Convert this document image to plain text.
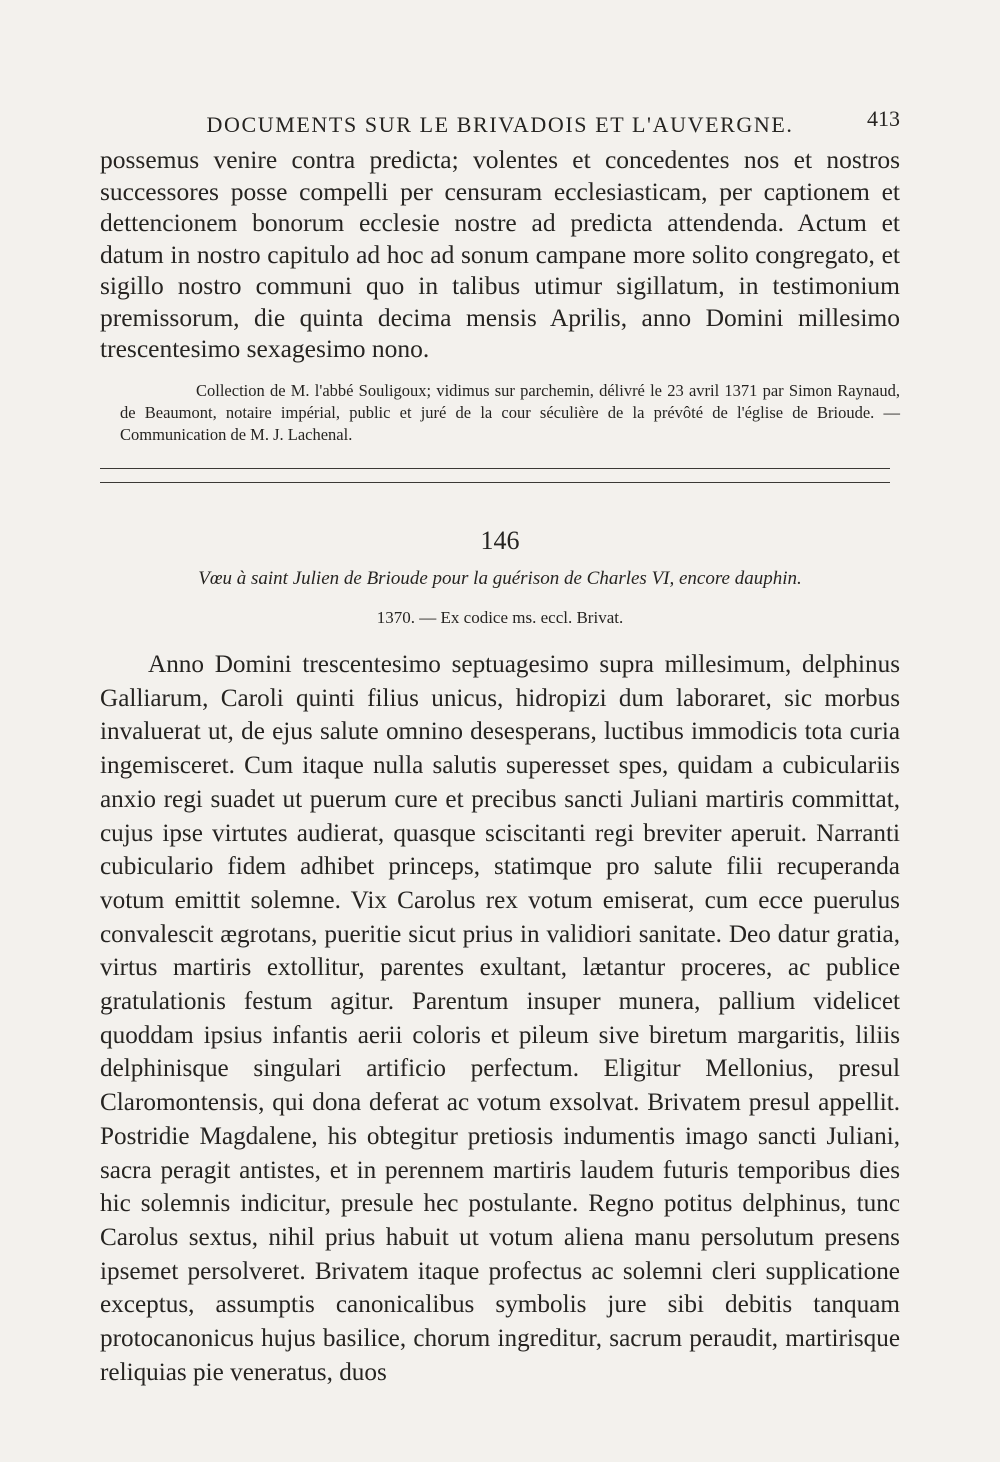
DOCUMENTS SUR LE BRIVADOIS ET L'AUVERGNE.	413

possemus venire contra predicta; volentes et concedentes nos et nostros successores posse compelli per censuram ecclesiasticam, per captionem et dettencionem bonorum ecclesie nostre ad predicta attendenda. Actum et datum in nostro capitulo ad hoc ad sonum campane more solito congregato, et sigillo nostro communi quo in talibus utimur sigillatum, in testimonium premissorum, die quinta decima mensis Aprilis, anno Domini millesimo trescentesimo sexagesimo nono.

Collection de M. l'abbé Souligoux; vidimus sur parchemin, délivré le 23 avril 1371 par Simon Raynaud, de Beaumont, notaire impérial, public et juré de la cour séculière de la prévôté de l'église de Brioude. — Communication de M. J. Lachenal.

146

Vœu à saint Julien de Brioude pour la guérison de Charles VI, encore dauphin.

1370. — Ex codice ms. eccl. Brivat.

Anno Domini trescentesimo septuagesimo supra millesimum, delphinus Galliarum, Caroli quinti filius unicus, hidropizi dum laboraret, sic morbus invaluerat ut, de ejus salute omnino desesperans, luctibus immodicis tota curia ingemisceret. Cum itaque nulla salutis superesset spes, quidam a cubiculariis anxio regi suadet ut puerum cure et precibus sancti Juliani martiris committat, cujus ipse virtutes audierat, quasque sciscitanti regi breviter aperuit. Narranti cubiculario fidem adhibet princeps, statimque pro salute filii recuperanda votum emittit solemne. Vix Carolus rex votum emiserat, cum ecce puerulus convalescit ægrotans, pueritie sicut prius in validiori sanitate. Deo datur gratia, virtus martiris extollitur, parentes exultant, lætantur proceres, ac publice gratulationis festum agitur. Parentum insuper munera, pallium videlicet quoddam ipsius infantis aerii coloris et pileum sive biretum margaritis, liliis delphinisque singulari artificio perfectum. Eligitur Mellonius, presul Claromontensis, qui dona deferat ac votum exsolvat. Brivatem presul appellit. Postridie Magdalene, his obtegitur pretiosis indumentis imago sancti Juliani, sacra peragit antistes, et in perennem martiris laudem futuris temporibus dies hic solemnis indicitur, presule hec postulante. Regno potitus delphinus, tunc Carolus sextus, nihil prius habuit ut votum aliena manu persolutum presens ipsemet persolveret. Brivatem itaque profectus ac solemni cleri supplicatione exceptus, assumptis canonicalibus symbolis jure sibi debitis tanquam protocanonicus hujus basilice, chorum ingreditur, sacrum peraudit, martirisque reliquias pie veneratus, duos
